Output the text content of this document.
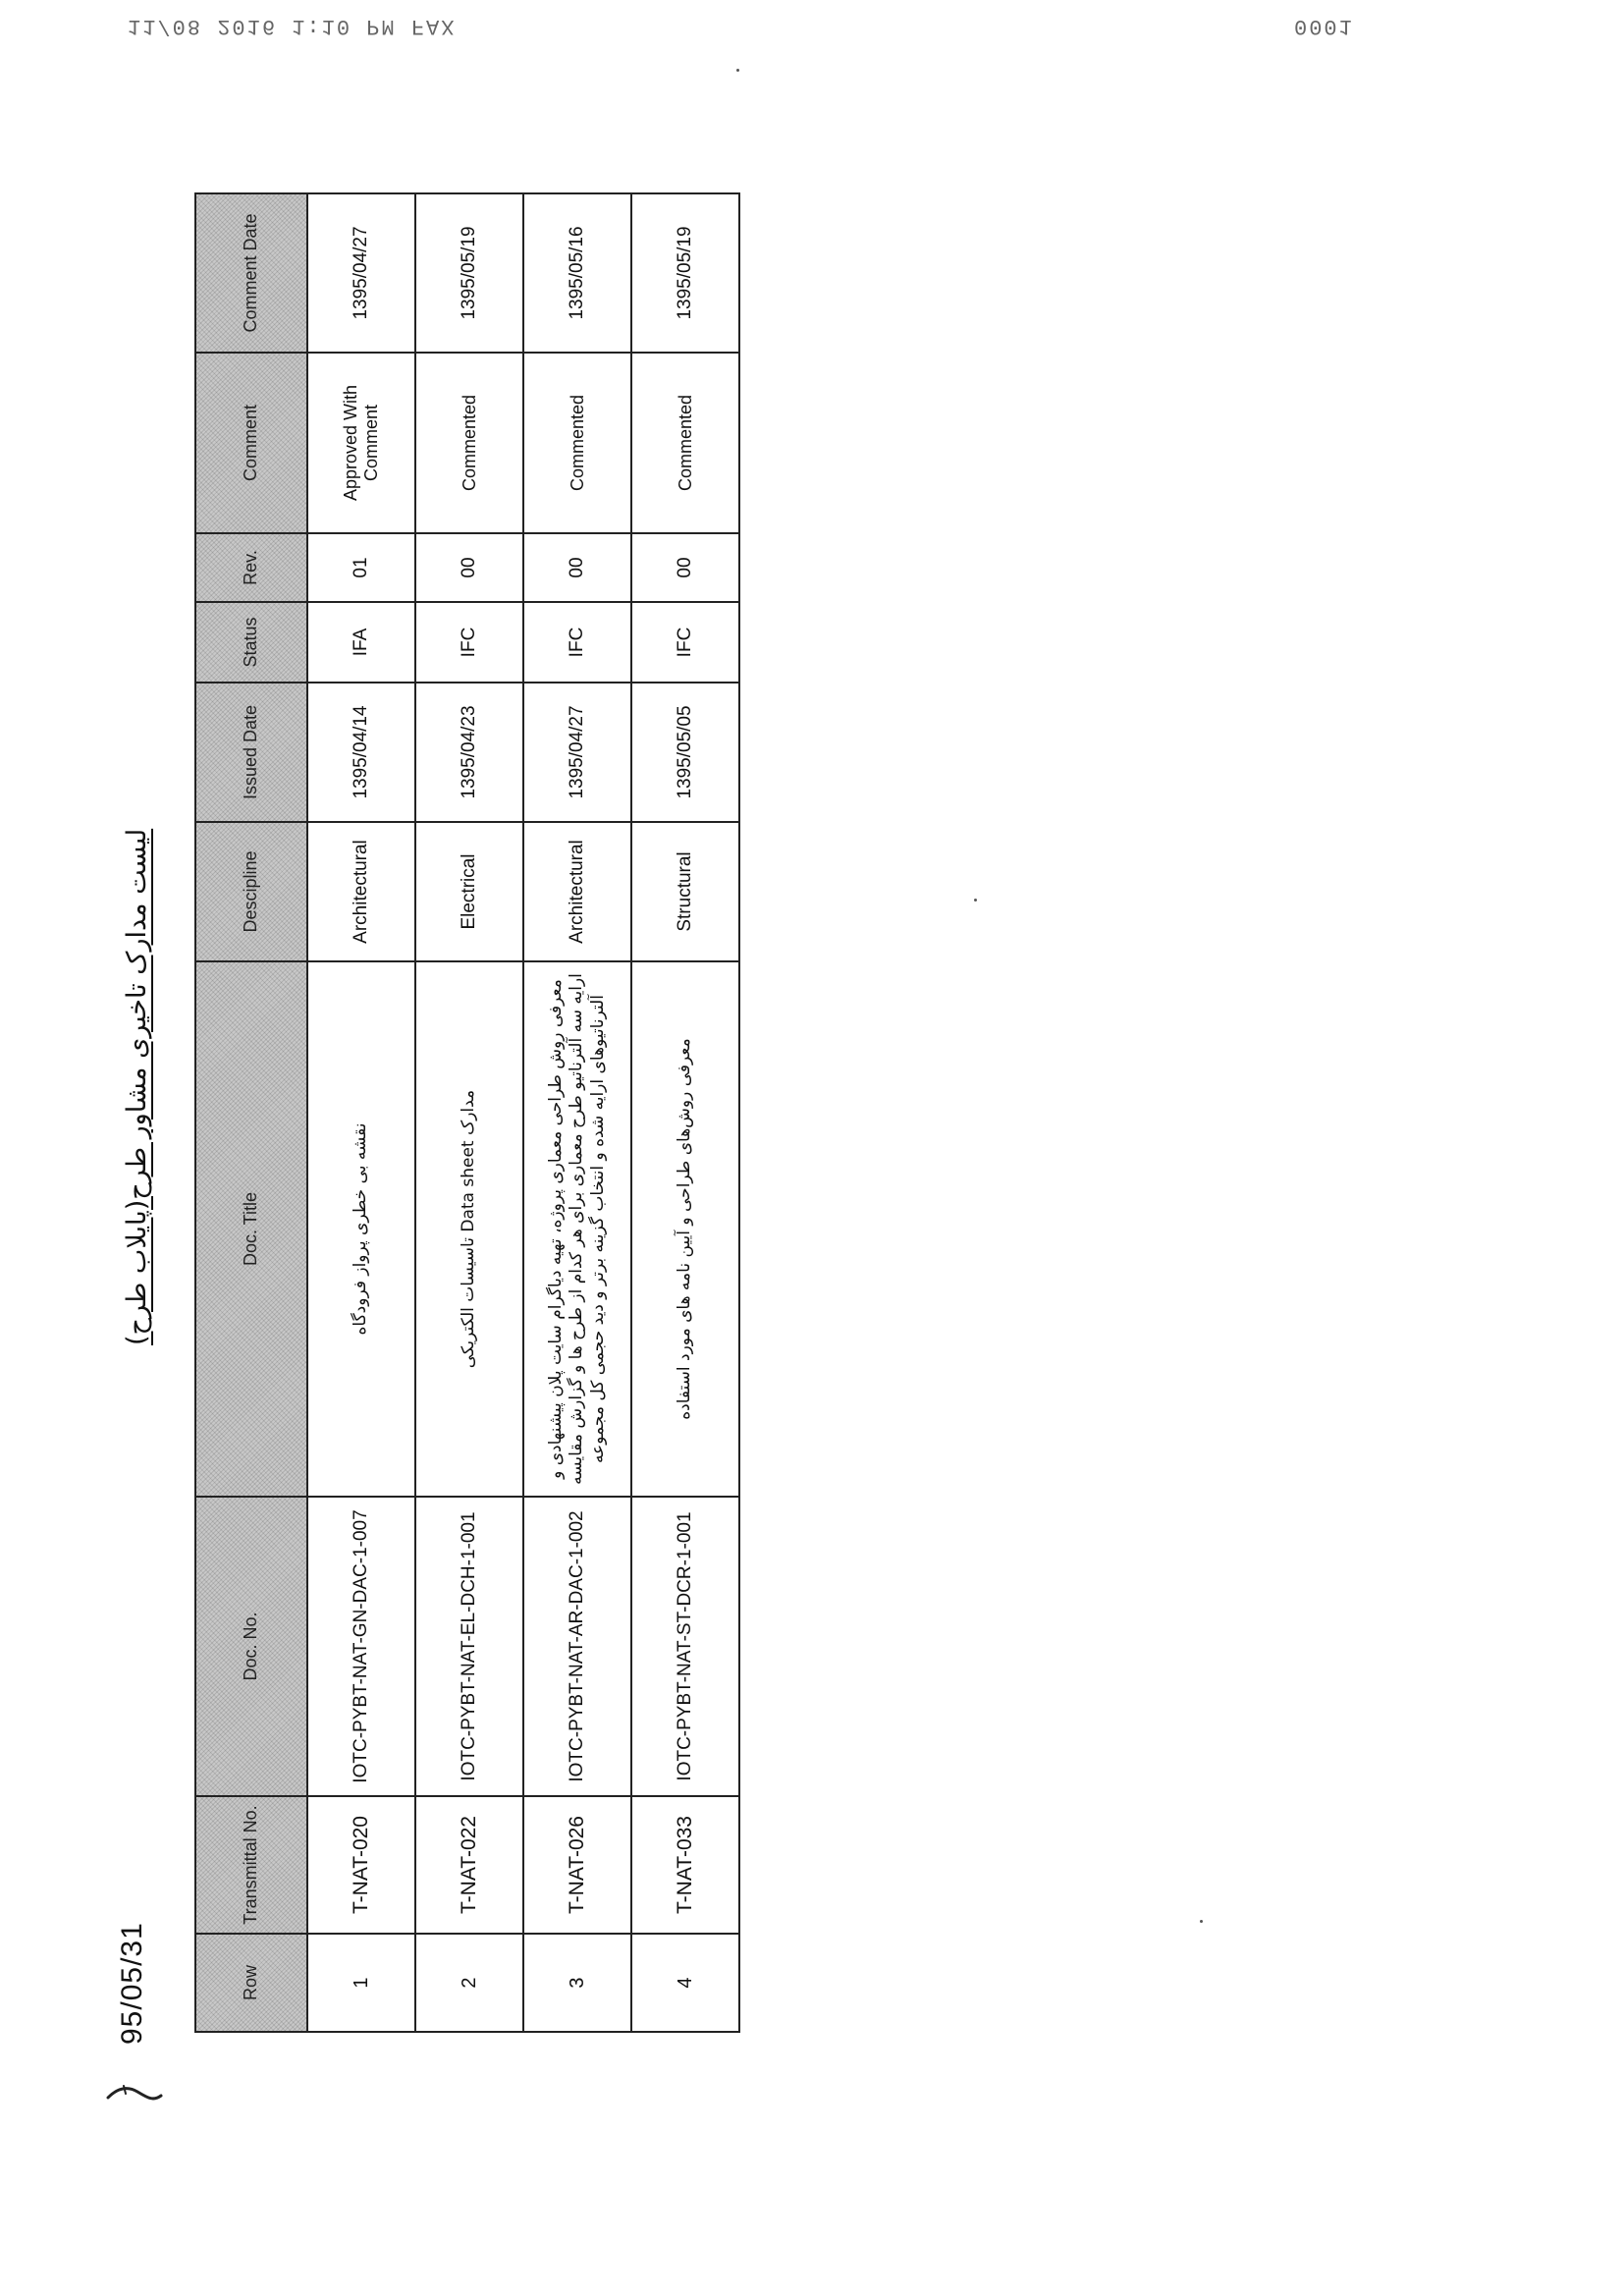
11/08 2016 1:10 PM FAX	0001
95/05/31
لیست مدارک تاخیری مشاور طرح(پایلاب طرح)
Row	Transmittal No.	Doc. No.	Doc. Title	Descipline	Issued Date	Status	Rev.	Comment	Comment Date
1	T-NAT-020	IOTC-PYBT-NAT-GN-DAC-1-007	نقشه بی خطری پرواز فرودگاه	Architectural	1395/04/14	IFA	01	Approved With Comment	1395/04/27
2	T-NAT-022	IOTC-PYBT-NAT-EL-DCH-1-001	مدارک Data sheet تاسیسات الکتریکی	Electrical	1395/04/23	IFC	00	Commented	1395/05/19
3	T-NAT-026	IOTC-PYBT-NAT-AR-DAC-1-002	معرفی روش طراحی معماری پروژه، تهیه دیاگرام سایت پلان پیشنهادی و ارایه سه آلترناتیو طرح معماری برای هر کدام از طرح ها و گزارش مقایسه آلترناتیوهای ارایه شده و انتخاب گزینه برتر و دید حجمی کل مجموعه	Architectural	1395/04/27	IFC	00	Commented	1395/05/16
4	T-NAT-033	IOTC-PYBT-NAT-ST-DCR-1-001	معرفی روش‌های طراحی و آیین نامه های مورد استفاده	Structural	1395/05/05	IFC	00	Commented	1395/05/19
